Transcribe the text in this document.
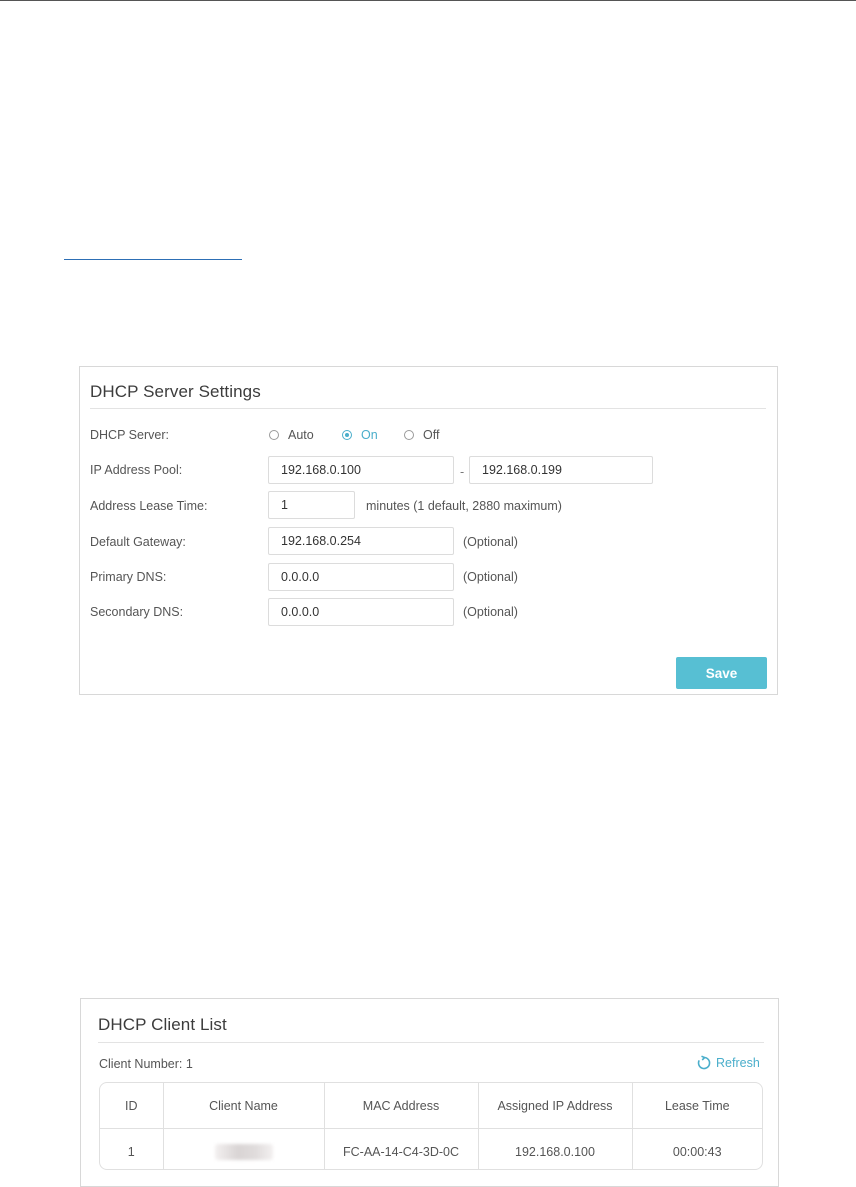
DHCP Server Settings
DHCP Server:	Auto	On	Off
IP Address Pool:
192.168.0.100	-
192.168.0.199
Address Lease Time:
1	minutes (1 default, 2880 maximum)
Default Gateway:
192.168.0.254	(Optional)
Primary DNS:
0.0.0.0	(Optional)
Secondary DNS:
0.0.0.0	(Optional)
Save
DHCP Client List
Client Number: 1	Refresh
ID	Client Name	MAC Address	Assigned IP Address	Lease Time
1		FC-AA-14-C4-3D-0C	192.168.0.100	00:00:43
